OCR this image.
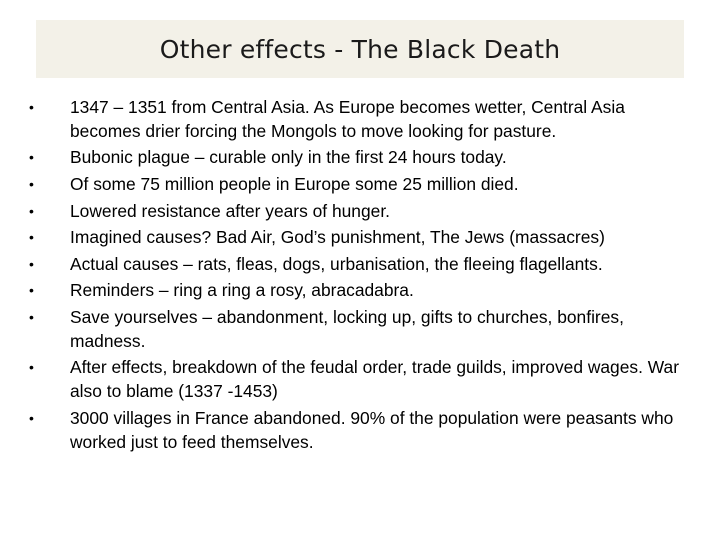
Other effects - The Black Death
• 1347 – 1351 from Central Asia. As Europe becomes wetter, Central Asia becomes drier forcing the Mongols to move looking for pasture.
• Bubonic plague – curable only in the first 24 hours today.
• Of some 75 million people in Europe some 25 million died.
• Lowered resistance after years of hunger.
• Imagined causes? Bad Air, God’s punishment, The Jews (massacres)
• Actual causes – rats, fleas, dogs, urbanisation, the fleeing flagellants.
• Reminders – ring a ring a rosy, abracadabra.
• Save yourselves – abandonment, locking up, gifts to churches, bonfires, madness.
• After effects, breakdown of the feudal order, trade guilds, improved wages. War also to blame (1337 -1453)
• 3000 villages in France abandoned. 90% of the population were peasants who worked just to feed themselves.
